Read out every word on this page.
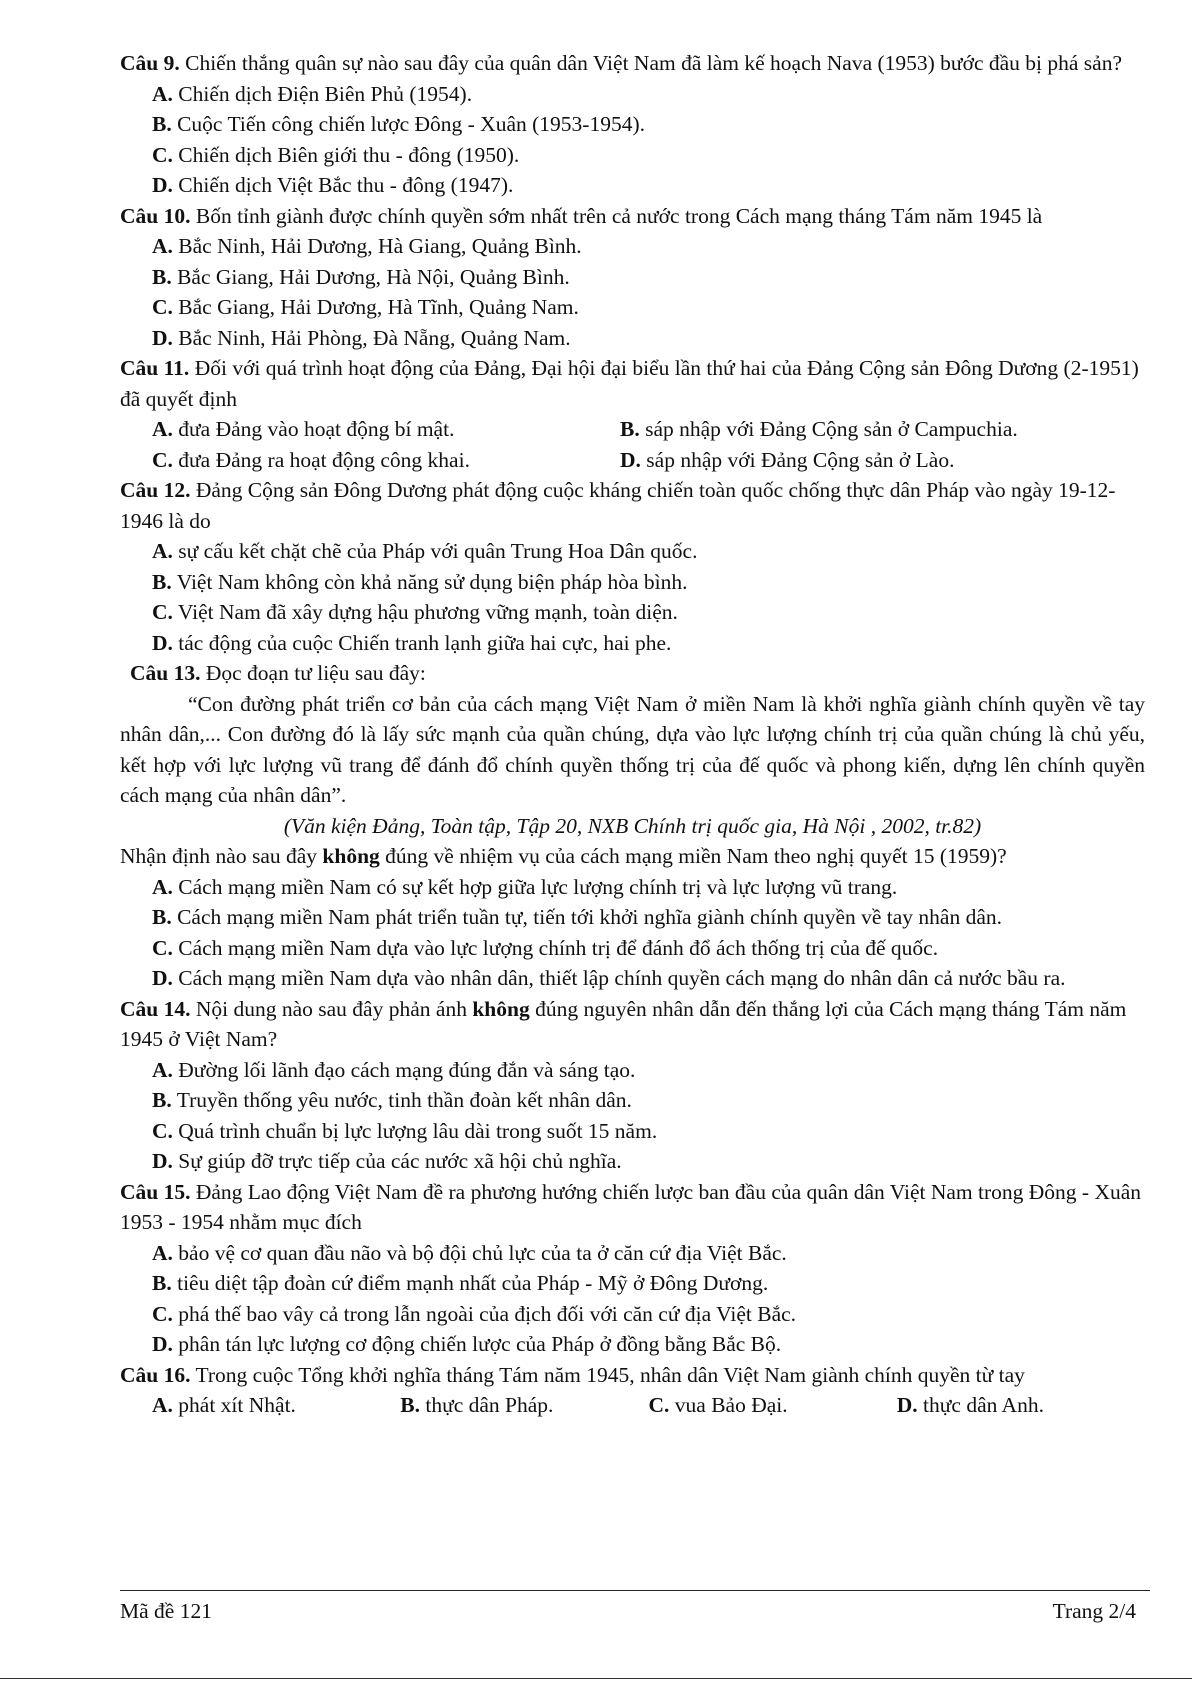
Câu 9. Chiến thắng quân sự nào sau đây của quân dân Việt Nam đã làm kế hoạch Nava (1953) bước đầu bị phá sản?

A. Chiến dịch Điện Biên Phủ (1954).

B. Cuộc Tiến công chiến lược Đông - Xuân (1953-1954).

C. Chiến dịch Biên giới thu - đông (1950).

D. Chiến dịch Việt Bắc thu - đông (1947).

Câu 10. Bốn tỉnh giành được chính quyền sớm nhất trên cả nước trong Cách mạng tháng Tám năm 1945 là

A. Bắc Ninh, Hải Dương, Hà Giang, Quảng Bình.

B. Bắc Giang, Hải Dương, Hà Nội, Quảng Bình.

C. Bắc Giang, Hải Dương, Hà Tĩnh, Quảng Nam.

D. Bắc Ninh, Hải Phòng, Đà Nẵng, Quảng Nam.

Câu 11. Đối với quá trình hoạt động của Đảng, Đại hội đại biểu lần thứ hai của Đảng Cộng sản Đông Dương (2-1951) đã quyết định

A. đưa Đảng vào hoạt động bí mật.	B. sáp nhập với Đảng Cộng sản ở Campuchia.
C. đưa Đảng ra hoạt động công khai.	D. sáp nhập với Đảng Cộng sản ở Lào.

Câu 12. Đảng Cộng sản Đông Dương phát động cuộc kháng chiến toàn quốc chống thực dân Pháp vào ngày 19-12-1946 là do

A. sự cấu kết chặt chẽ của Pháp với quân Trung Hoa Dân quốc.

B. Việt Nam không còn khả năng sử dụng biện pháp hòa bình.

C. Việt Nam đã xây dựng hậu phương vững mạnh, toàn diện.

D. tác động của cuộc Chiến tranh lạnh giữa hai cực, hai phe.

Câu 13. Đọc đoạn tư liệu sau đây:

“Con đường phát triển cơ bản của cách mạng Việt Nam ở miền Nam là khởi nghĩa giành chính quyền về tay nhân dân,... Con đường đó là lấy sức mạnh của quần chúng, dựa vào lực lượng chính trị của quần chúng là chủ yếu, kết hợp với lực lượng vũ trang để đánh đổ chính quyền thống trị của đế quốc và phong kiến, dựng lên chính quyền cách mạng của nhân dân”.

(Văn kiện Đảng, Toàn tập, Tập 20, NXB Chính trị quốc gia, Hà Nội , 2002, tr.82)

Nhận định nào sau đây không đúng về nhiệm vụ của cách mạng miền Nam theo nghị quyết 15 (1959)?

A. Cách mạng miền Nam có sự kết hợp giữa lực lượng chính trị và lực lượng vũ trang.

B. Cách mạng miền Nam phát triển tuần tự, tiến tới khởi nghĩa giành chính quyền về tay nhân dân.

C. Cách mạng miền Nam dựa vào lực lượng chính trị để đánh đổ ách thống trị của đế quốc.

D. Cách mạng miền Nam dựa vào nhân dân, thiết lập chính quyền cách mạng do nhân dân cả nước bầu ra.

Câu 14. Nội dung nào sau đây phản ánh không đúng nguyên nhân dẫn đến thắng lợi của Cách mạng tháng Tám năm 1945 ở Việt Nam?

A. Đường lối lãnh đạo cách mạng đúng đắn và sáng tạo.

B. Truyền thống yêu nước, tinh thần đoàn kết nhân dân.

C. Quá trình chuẩn bị lực lượng lâu dài trong suốt 15 năm.

D. Sự giúp đỡ trực tiếp của các nước xã hội chủ nghĩa.

Câu 15. Đảng Lao động Việt Nam đề ra phương hướng chiến lược ban đầu của quân dân Việt Nam trong Đông - Xuân 1953 - 1954 nhằm mục đích

A. bảo vệ cơ quan đầu não và bộ đội chủ lực của ta ở căn cứ địa Việt Bắc.

B. tiêu diệt tập đoàn cứ điểm mạnh nhất của Pháp - Mỹ ở Đông Dương.

C. phá thế bao vây cả trong lẫn ngoài của địch đối với căn cứ địa Việt Bắc.

D. phân tán lực lượng cơ động chiến lược của Pháp ở đồng bằng Bắc Bộ.

Câu 16. Trong cuộc Tổng khởi nghĩa tháng Tám năm 1945, nhân dân Việt Nam giành chính quyền từ tay

A. phát xít Nhật.	B. thực dân Pháp.	C. vua Bảo Đại.	D. thực dân Anh.
Mã đề 121	Trang 2/4
